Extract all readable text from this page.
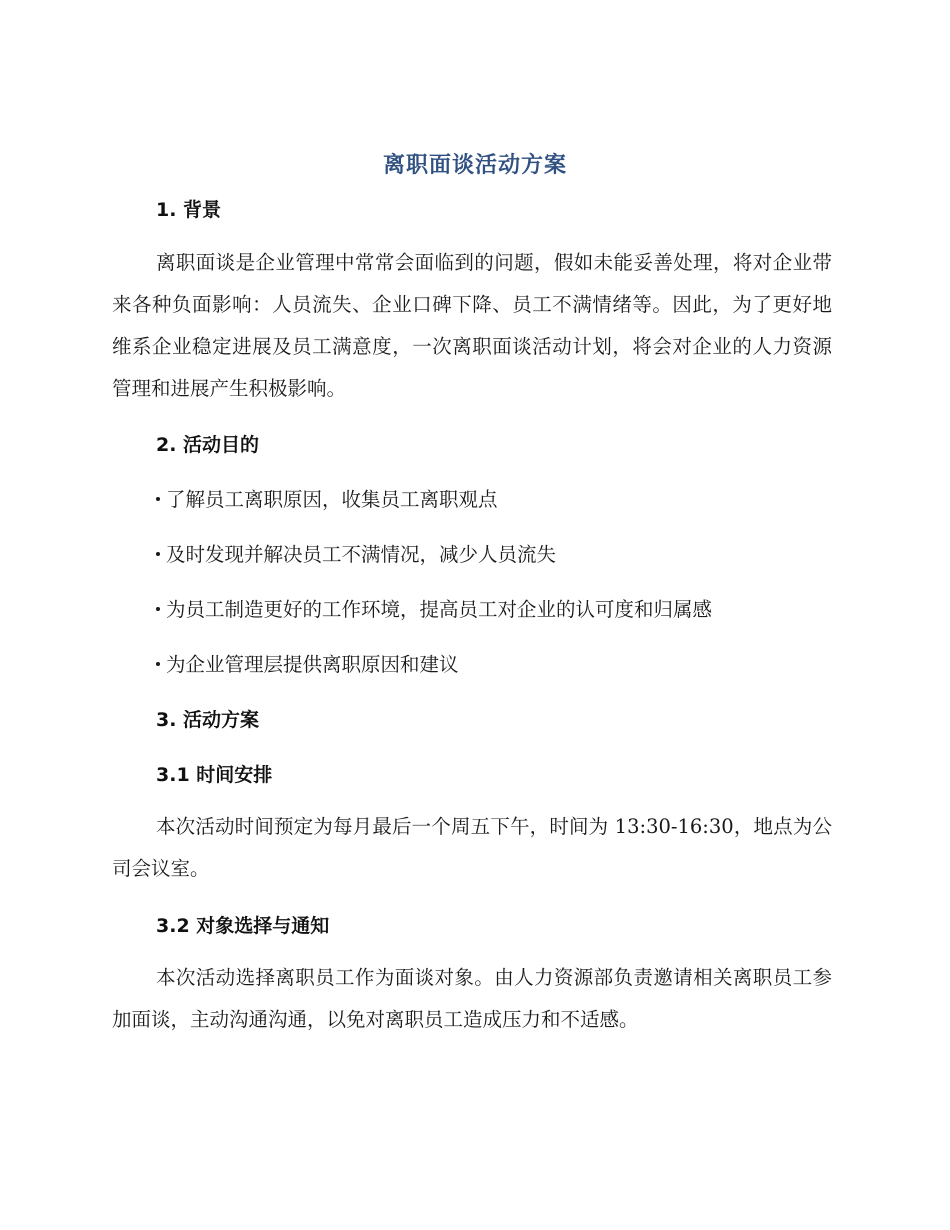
离职面谈活动方案
1. 背景
离职面谈是企业管理中常常会面临到的问题，假如未能妥善处理，将对企业带来各种负面影响：人员流失、企业口碑下降、员工不满情绪等。因此，为了更好地维系企业稳定进展及员工满意度，一次离职面谈活动计划，将会对企业的人力资源管理和进展产生积极影响。
2. 活动目的
了解员工离职原因，收集员工离职观点
及时发现并解决员工不满情况，减少人员流失
为员工制造更好的工作环境，提高员工对企业的认可度和归属感
为企业管理层提供离职原因和建议
3. 活动方案
3.1 时间安排
本次活动时间预定为每月最后一个周五下午，时间为 13:30-16:30，地点为公司会议室。
3.2 对象选择与通知
本次活动选择离职员工作为面谈对象。由人力资源部负责邀请相关离职员工参加面谈，主动沟通沟通，以免对离职员工造成压力和不适感。
